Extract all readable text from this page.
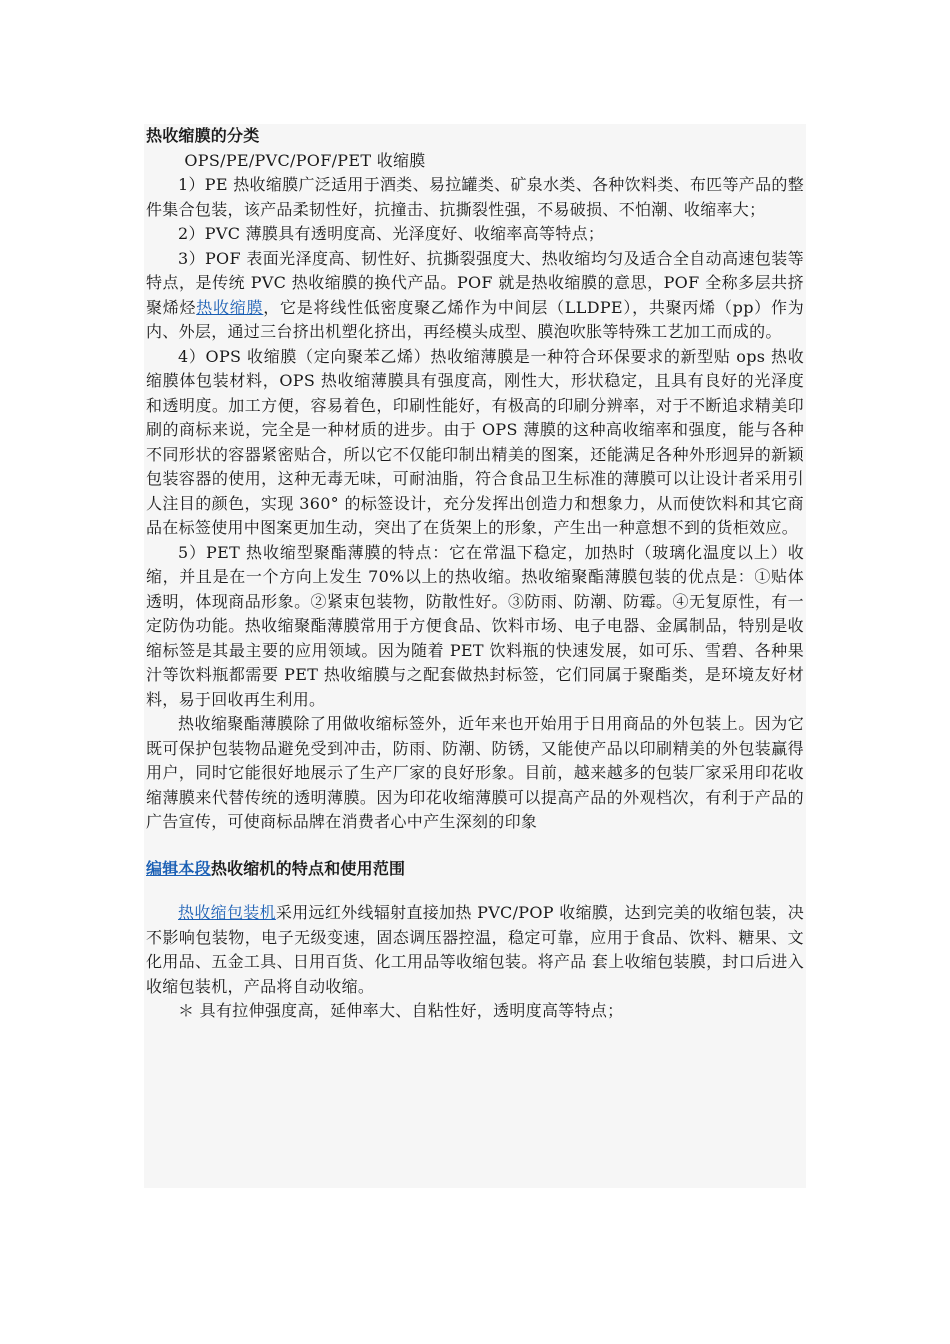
热收缩膜的分类

OPS/PE/PVC/POF/PET 收缩膜

1）PE 热收缩膜广泛适用于酒类、易拉罐类、矿泉水类、各种饮料类、布匹等产品的整件集合包装，该产品柔韧性好，抗撞击、抗撕裂性强，不易破损、不怕潮、收缩率大；

2）PVC 薄膜具有透明度高、光泽度好、收缩率高等特点；

3）POF 表面光泽度高、韧性好、抗撕裂强度大、热收缩均匀及适合全自动高速包装等特点，是传统 PVC 热收缩膜的换代产品。POF 就是热收缩膜的意思，POF 全称多层共挤聚烯烃热收缩膜，它是将线性低密度聚乙烯作为中间层（LLDPE），共聚丙烯（pp）作为内、外层，通过三台挤出机塑化挤出，再经模头成型、膜泡吹胀等特殊工艺加工而成的。

4）OPS 收缩膜（定向聚苯乙烯）热收缩薄膜是一种符合环保要求的新型贴 ops 热收缩膜体包装材料，OPS 热收缩薄膜具有强度高，刚性大，形状稳定，且具有良好的光泽度和透明度。加工方便，容易着色，印刷性能好，有极高的印刷分辨率，对于不断追求精美印刷的商标来说，完全是一种材质的进步。由于 OPS 薄膜的这种高收缩率和强度，能与各种不同形状的容器紧密贴合，所以它不仅能印制出精美的图案，还能满足各种外形迥异的新颖包装容器的使用，这种无毒无味，可耐油脂，符合食品卫生标准的薄膜可以让设计者采用引人注目的颜色，实现 360° 的标签设计，充分发挥出创造力和想象力，从而使饮料和其它商品在标签使用中图案更加生动，突出了在货架上的形象，产生出一种意想不到的货柜效应。

5）PET 热收缩型聚酯薄膜的特点：它在常温下稳定，加热时（玻璃化温度以上）收缩，并且是在一个方向上发生 70%以上的热收缩。热收缩聚酯薄膜包装的优点是：①贴体透明，体现商品形象。②紧束包装物，防散性好。③防雨、防潮、防霉。④无复原性，有一定防伪功能。热收缩聚酯薄膜常用于方便食品、饮料市场、电子电器、金属制品，特别是收缩标签是其最主要的应用领域。因为随着 PET 饮料瓶的快速发展，如可乐、雪碧、各种果汁等饮料瓶都需要 PET 热收缩膜与之配套做热封标签，它们同属于聚酯类，是环境友好材料，易于回收再生利用。

热收缩聚酯薄膜除了用做收缩标签外，近年来也开始用于日用商品的外包装上。因为它既可保护包装物品避免受到冲击，防雨、防潮、防锈，又能使产品以印刷精美的外包装赢得用户，同时它能很好地展示了生产厂家的良好形象。目前，越来越多的包装厂家采用印花收缩薄膜来代替传统的透明薄膜。因为印花收缩薄膜可以提高产品的外观档次，有利于产品的广告宣传，可使商标品牌在消费者心中产生深刻的印象

编辑本段热收缩机的特点和使用范围

热收缩包装机采用远红外线辐射直接加热 PVC/POP 收缩膜，达到完美的收缩包装，决不影响包装物，电子无级变速，固态调压器控温，稳定可靠，应用于食品、饮料、糖果、文化用品、五金工具、日用百货、化工用品等收缩包装。将产品 套上收缩包装膜，封口后进入收缩包装机，产品将自动收缩。

＊ 具有拉伸强度高，延伸率大、自粘性好，透明度高等特点；
